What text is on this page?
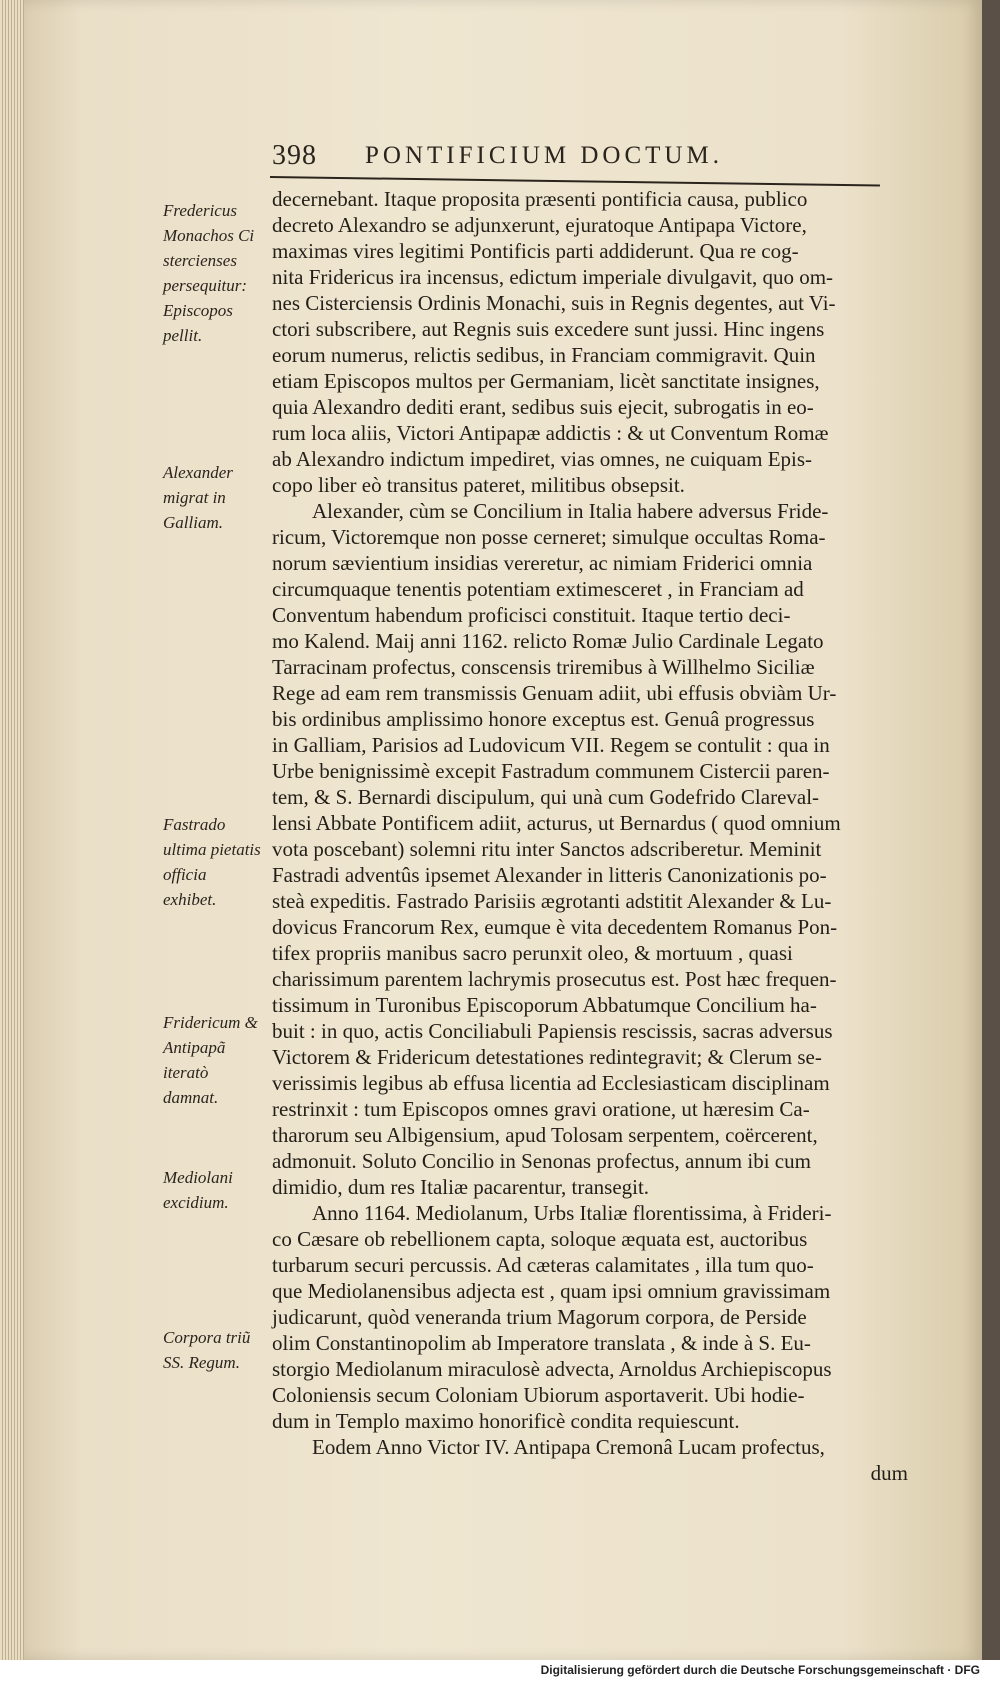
398 PONTIFICIUM DOCTUM.
Fredericus Monachos Ci stercienses persequitur: Episcopos pellit.
Alexander migrat in Galliam.
Fastrado ultima pietatis officia exhibet.
Fridericum & Antipapã iteratò damnat.
Mediolani excidium.
Corpora triũ SS. Regum.
decernebant. Itaque proposita præsenti pontificia causa, publico
decreto Alexandro se adjunxerunt, ejuratoque Antipapa Victore,
maximas vires legitimi Pontificis parti addiderunt. Qua re cog-
nita Fridericus ira incensus, edictum imperiale divulgavit, quo om-
nes Cisterciensis Ordinis Monachi, suis in Regnis degentes, aut Vi-
ctori subscribere, aut Regnis suis excedere sunt jussi. Hinc ingens
eorum numerus, relictis sedibus, in Franciam commigravit. Quin
etiam Episcopos multos per Germaniam, licèt sanctitate insignes,
quia Alexandro dediti erant, sedibus suis ejecit, subrogatis in eo-
rum loca aliis, Victori Antipapæ addictis : & ut Conventum Romæ
ab Alexandro indictum impediret, vias omnes, ne cuiquam Epis-
copo liber eò transitus pateret, militibus obsepsit.
Alexander, cùm se Concilium in Italia habere adversus Fride-
ricum, Victoremque non posse cerneret; simulque occultas Roma-
norum sævientium insidias vereretur, ac nimiam Friderici omnia
circumquaque tenentis potentiam extimesceret , in Franciam ad
Conventum habendum proficisci constituit. Itaque tertio deci-
mo Kalend. Maij anni 1162. relicto Romæ Julio Cardinale Legato
Tarracinam profectus, conscensis triremibus à Willhelmo Siciliæ
Rege ad eam rem transmissis Genuam adiit, ubi effusis obviàm Ur-
bis ordinibus amplissimo honore exceptus est. Genuâ progressus
in Galliam, Parisios ad Ludovicum VII. Regem se contulit : qua in
Urbe benignissimè excepit Fastradum communem Cistercii paren-
tem, & S. Bernardi discipulum, qui unà cum Godefrido Clareval-
lensi Abbate Pontificem adiit, acturus, ut Bernardus ( quod omnium
vota poscebant) solemni ritu inter Sanctos adscriberetur. Meminit
Fastradi adventûs ipsemet Alexander in litteris Canonizationis po-
steà expeditis. Fastrado Parisiis ægrotanti adstitit Alexander & Lu-
dovicus Francorum Rex, eumque è vita decedentem Romanus Pon-
tifex propriis manibus sacro perunxit oleo, & mortuum , quasi
charissimum parentem lachrymis prosecutus est. Post hæc frequen-
tissimum in Turonibus Episcoporum Abbatumque Concilium ha-
buit : in quo, actis Conciliabuli Papiensis rescissis, sacras adversus
Victorem & Fridericum detestationes redintegravit; & Clerum se-
verissimis legibus ab effusa licentia ad Ecclesiasticam disciplinam
restrinxit : tum Episcopos omnes gravi oratione, ut hæresim Ca-
tharorum seu Albigensium, apud Tolosam serpentem, coërcerent,
admonuit. Soluto Concilio in Senonas profectus, annum ibi cum
dimidio, dum res Italiæ pacarentur, transegit.
Anno 1164. Mediolanum, Urbs Italiæ florentissima, à Frideri-
co Cæsare ob rebellionem capta, soloque æquata est, auctoribus
turbarum securi percussis. Ad cæteras calamitates , illa tum quo-
que Mediolanensibus adjecta est , quam ipsi omnium gravissimam
judicarunt, quòd veneranda trium Magorum corpora, de Perside
olim Constantinopolim ab Imperatore translata , & inde à S. Eu-
storgio Mediolanum miraculosè advecta, Arnoldus Archiepiscopus
Coloniensis secum Coloniam Ubiorum asportaverit. Ubi hodie-
dum in Templo maximo honorificè condita requiescunt.
Eodem Anno Victor IV. Antipapa Cremonâ Lucam profectus,
dum
Digitalisierung gefördert durch die Deutsche Forschungsgemeinschaft · DFG
